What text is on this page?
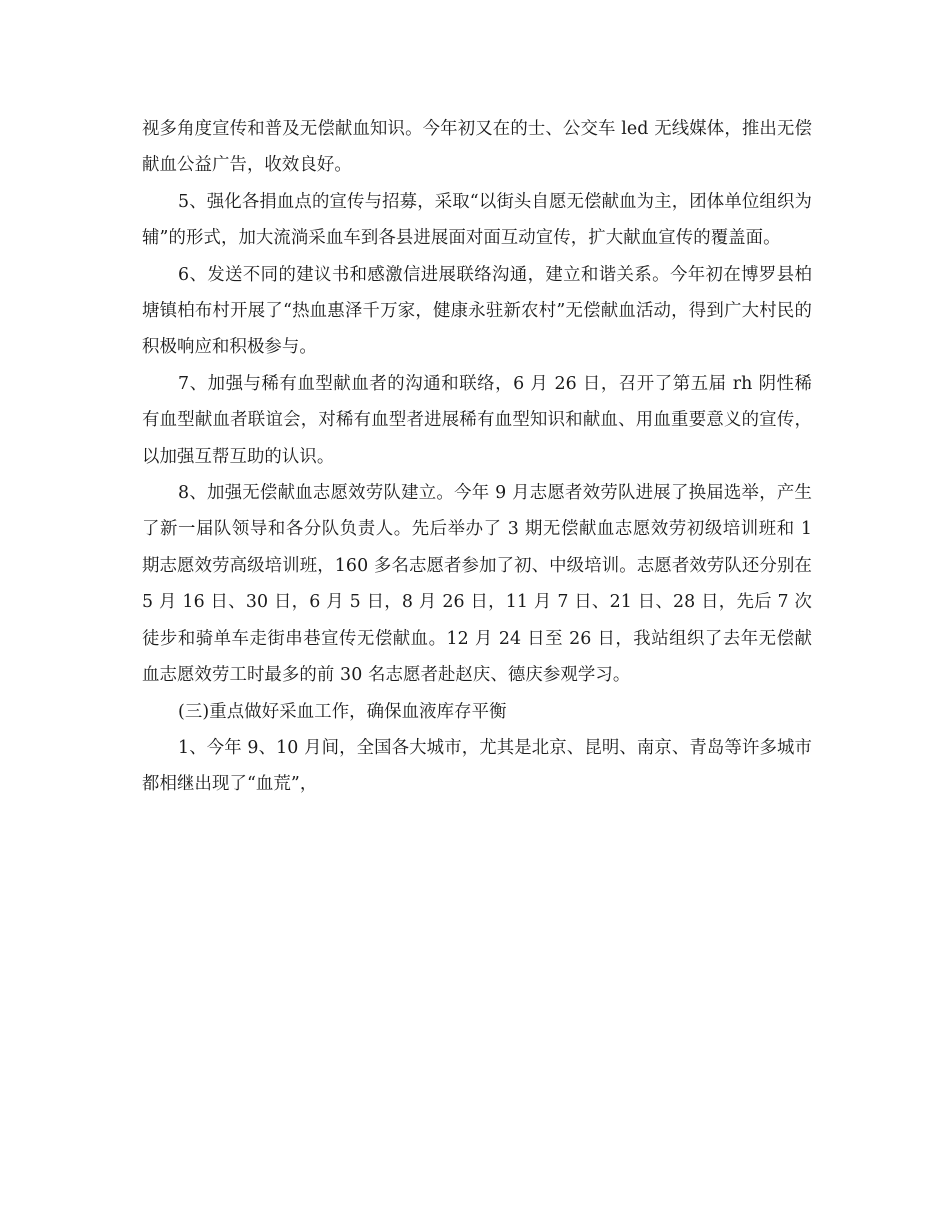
视多角度宣传和普及无偿献血知识。今年初又在的士、公交车 led 无线媒体，推出无偿献血公益广告，收效良好。

5、强化各捐血点的宣传与招募，采取“以街头自愿无偿献血为主，团体单位组织为辅”的形式，加大流淌采血车到各县进展面对面互动宣传，扩大献血宣传的覆盖面。

6、发送不同的建议书和感激信进展联络沟通，建立和谐关系。今年初在博罗县柏塘镇柏布村开展了“热血惠泽千万家，健康永驻新农村”无偿献血活动，得到广大村民的积极响应和积极参与。

7、加强与稀有血型献血者的沟通和联络，6 月 26 日，召开了第五届 rh 阴性稀有血型献血者联谊会，对稀有血型者进展稀有血型知识和献血、用血重要意义的宣传，以加强互帮互助的认识。

8、加强无偿献血志愿效劳队建立。今年 9 月志愿者效劳队进展了换届选举，产生了新一届队领导和各分队负责人。先后举办了 3 期无偿献血志愿效劳初级培训班和 1 期志愿效劳高级培训班，160 多名志愿者参加了初、中级培训。志愿者效劳队还分别在 5 月 16 日、30 日，6 月 5 日，8 月 26 日，11 月 7 日、21 日、28 日，先后 7 次徒步和骑单车走街串巷宣传无偿献血。12 月 24 日至 26 日，我站组织了去年无偿献血志愿效劳工时最多的前 30 名志愿者赴赵庆、德庆参观学习。

(三)重点做好采血工作，确保血液库存平衡

1、今年 9、10 月间，全国各大城市，尤其是北京、昆明、南京、青岛等许多城市都相继出现了“血荒”，
